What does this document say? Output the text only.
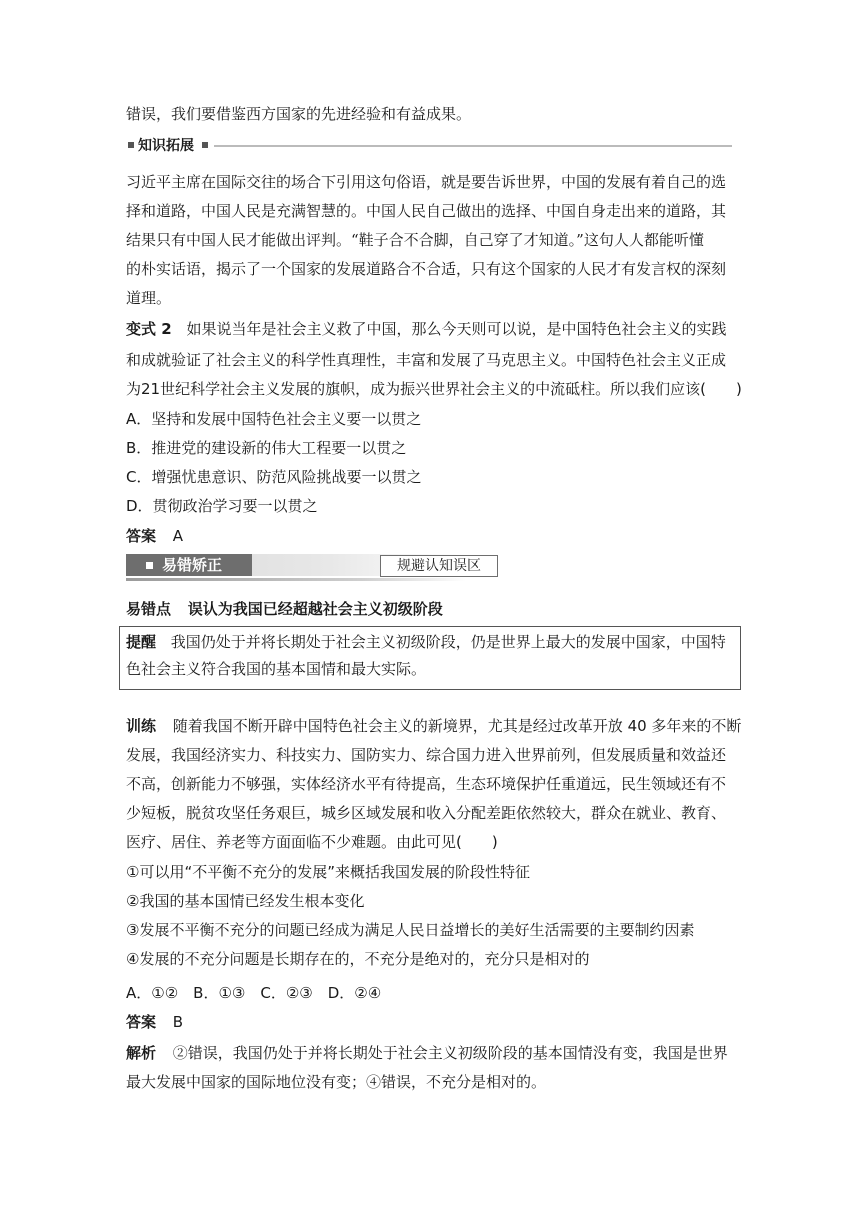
错误，我们要借鉴西方国家的先进经验和有益成果。
知识拓展
习近平主席在国际交往的场合下引用这句俗语，就是要告诉世界，中国的发展有着自己的选
择和道路，中国人民是充满智慧的。中国人民自己做出的选择、中国自身走出来的道路，其
结果只有中国人民才能做出评判。“鞋子合不合脚，自己穿了才知道。”这句人人都能听懂
的朴实话语，揭示了一个国家的发展道路合不合适，只有这个国家的人民才有发言权的深刻
道理。
变式 2 如果说当年是社会主义救了中国，那么今天则可以说，是中国特色社会主义的实践
和成就验证了社会主义的科学性真理性，丰富和发展了马克思主义。中国特色社会主义正成
为21世纪科学社会主义发展的旗帜，成为振兴世界社会主义的中流砥柱。所以我们应该(　　)
A．坚持和发展中国特色社会主义要一以贯之
B．推进党的建设新的伟大工程要一以贯之
C．增强忧患意识、防范风险挑战要一以贯之
D．贯彻政治学习要一以贯之
答案 A
易错矫正	规避认知误区
易错点 误认为我国已经超越社会主义初级阶段
提醒 我国仍处于并将长期处于社会主义初级阶段，仍是世界上最大的发展中国家，中国特
色社会主义符合我国的基本国情和最大实际。
训练 随着我国不断开辟中国特色社会主义的新境界，尤其是经过改革开放 40 多年来的不断
发展，我国经济实力、科技实力、国防实力、综合国力进入世界前列，但发展质量和效益还
不高，创新能力不够强，实体经济水平有待提高，生态环境保护任重道远，民生领域还有不
少短板，脱贫攻坚任务艰巨，城乡区域发展和收入分配差距依然较大，群众在就业、教育、
医疗、居住、养老等方面面临不少难题。由此可见(　　)
①可以用“不平衡不充分的发展”来概括我国发展的阶段性特征
②我国的基本国情已经发生根本变化
③发展不平衡不充分的问题已经成为满足人民日益增长的美好生活需要的主要制约因素
④发展的不充分问题是长期存在的，不充分是绝对的，充分只是相对的
A．①②　B．①③　C．②③　D．②④
答案 B
解析 ②错误，我国仍处于并将长期处于社会主义初级阶段的基本国情没有变，我国是世界
最大发展中国家的国际地位没有变；④错误，不充分是相对的。
